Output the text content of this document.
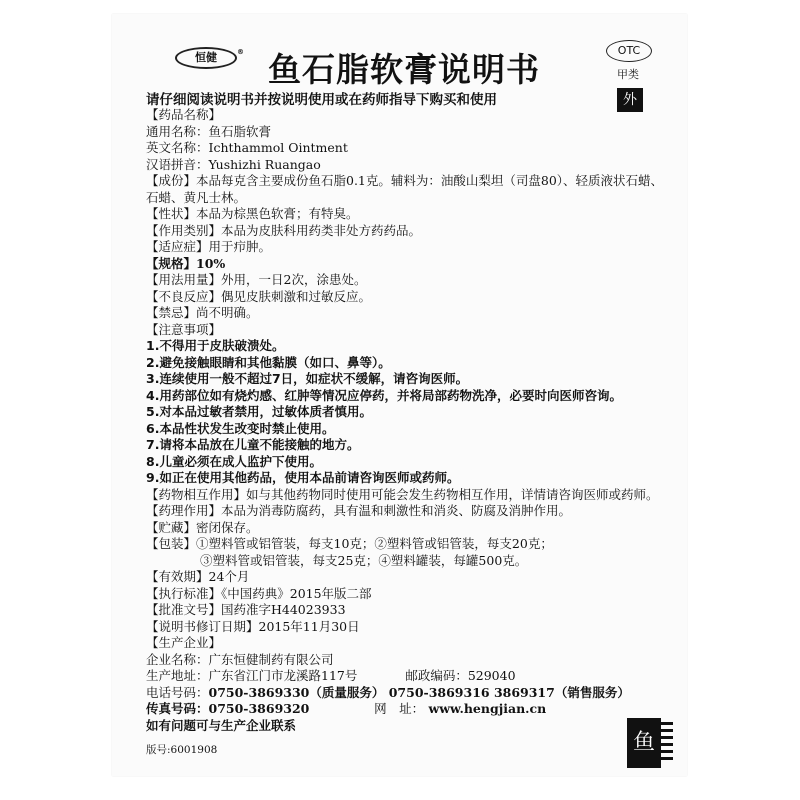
恒健	® 鱼石脂软膏说明书	OTC
甲类
外
请仔细阅读说明书并按说明使用或在药师指导下购买和使用
【药品名称】
通用名称：鱼石脂软膏
英文名称：Ichthammol Ointment
汉语拼音：Yushizhi Ruangao
【成份】本品每克含主要成份鱼石脂0.1克。辅料为：油酸山梨坦（司盘80）、轻质液状石蜡、石蜡、黄凡士林。
【性状】本品为棕黑色软膏；有特臭。
【作用类别】本品为皮肤科用药类非处方药药品。
【适应症】用于疖肿。
【规格】10%
【用法用量】外用，一日2次，涂患处。
【不良反应】偶见皮肤刺激和过敏反应。
【禁忌】尚不明确。
【注意事项】
1.不得用于皮肤破溃处。
2.避免接触眼睛和其他黏膜（如口、鼻等）。
3.连续使用一般不超过7日，如症状不缓解，请咨询医师。
4.用药部位如有烧灼感、红肿等情况应停药，并将局部药物洗净，必要时向医师咨询。
5.对本品过敏者禁用，过敏体质者慎用。
6.本品性状发生改变时禁止使用。
7.请将本品放在儿童不能接触的地方。
8.儿童必须在成人监护下使用。
9.如正在使用其他药品，使用本品前请咨询医师或药师。
【药物相互作用】如与其他药物同时使用可能会发生药物相互作用，详情请咨询医师或药师。
【药理作用】本品为消毒防腐药，具有温和刺激性和消炎、防腐及消肿作用。
【贮藏】密闭保存。
【包装】①塑料管或铝管装，每支10克；②塑料管或铝管装，每支20克；
③塑料管或铝管装，每支25克；④塑料罐装，每罐500克。
【有效期】24个月
【执行标准】《中国药典》2015年版二部
【批准文号】国药准字H44023933
【说明书修订日期】2015年11月30日
【生产企业】
企业名称：广东恒健制药有限公司
生产地址：广东省江门市龙溪路117号	邮政编码：529040
电话号码：0750-3869330（质量服务） 0750-3869316 3869317（销售服务）
传真号码：0750-3869320	网　址： www.hengjian.cn
如有问题可与生产企业联系
版号:6001908	鱼
